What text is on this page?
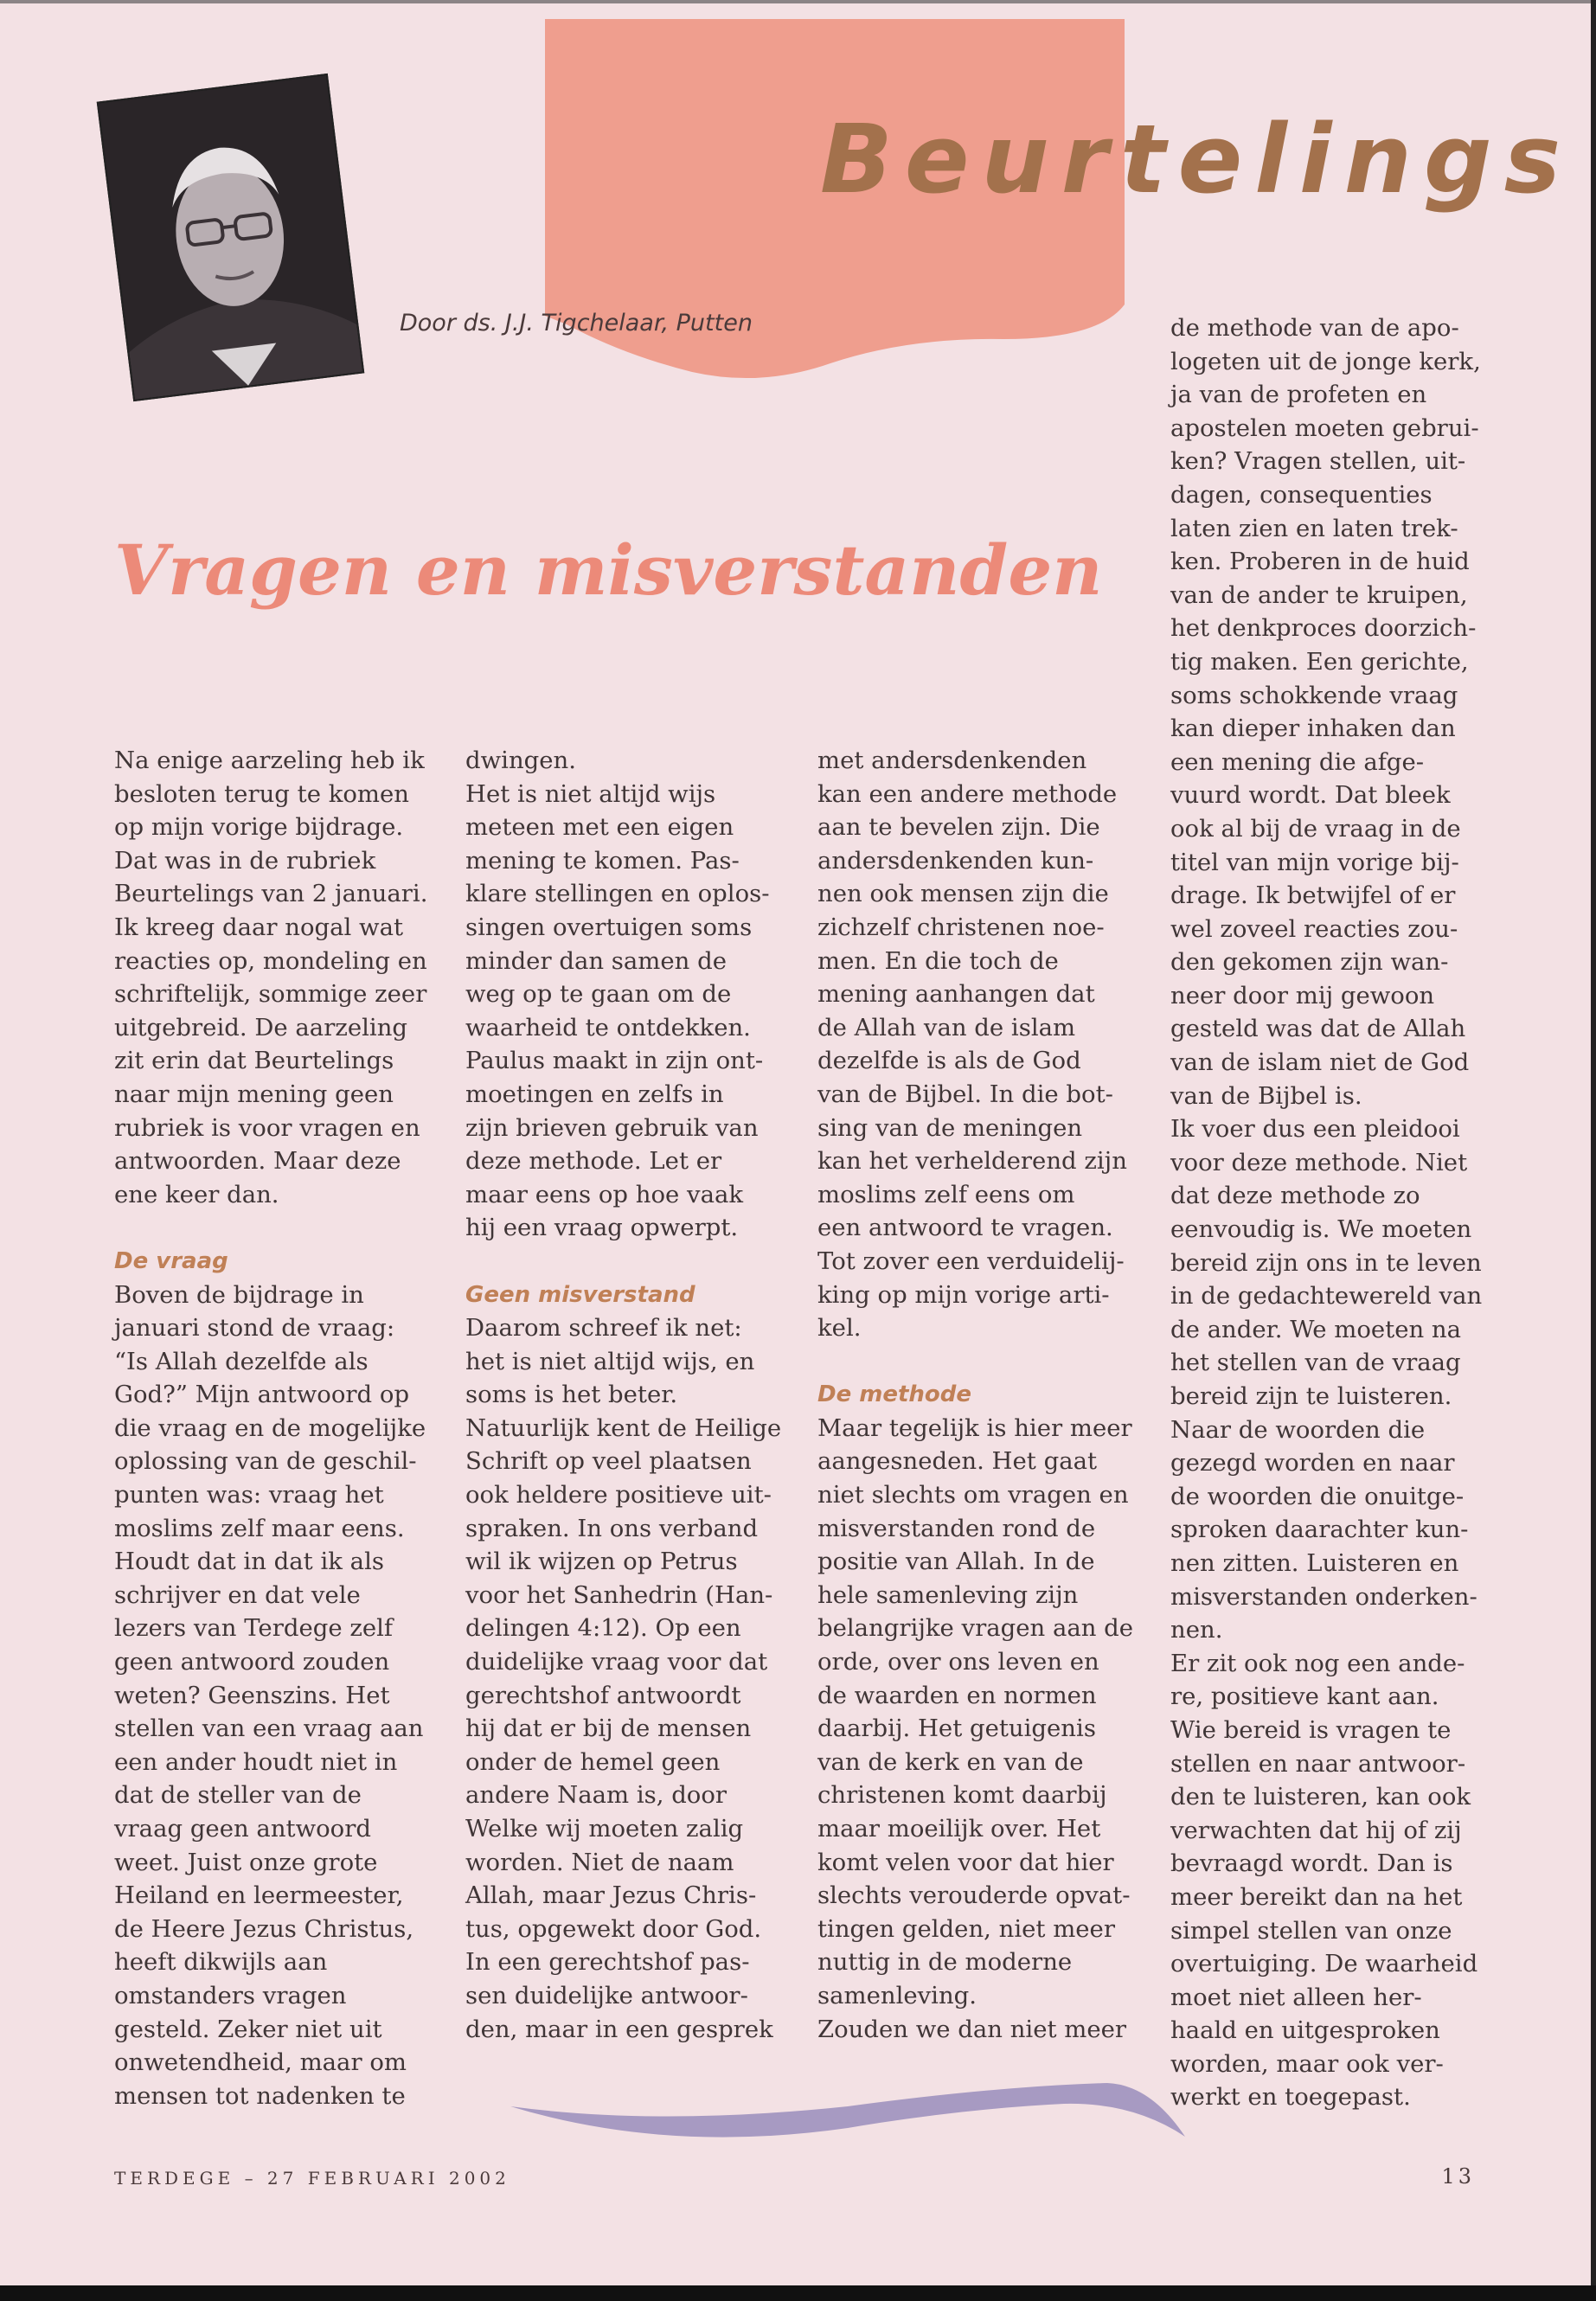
Beurtelings
Door ds. J.J. Tigchelaar, Putten
Vragen en misverstanden
Na enige aarzeling heb ik
besloten terug te komen
op mijn vorige bijdrage.
Dat was in de rubriek
Beurtelings van 2 januari.
Ik kreeg daar nogal wat
reacties op, mondeling en
schriftelijk, sommige zeer
uitgebreid. De aarzeling
zit erin dat Beurtelings
naar mijn mening geen
rubriek is voor vragen en
antwoorden. Maar deze
ene keer dan.
De vraag
Boven de bijdrage in
januari stond de vraag:
“Is Allah dezelfde als
God?” Mijn antwoord op
die vraag en de mogelijke
oplossing van de geschil-
punten was: vraag het
moslims zelf maar eens.
Houdt dat in dat ik als
schrijver en dat vele
lezers van Terdege zelf
geen antwoord zouden
weten? Geenszins. Het
stellen van een vraag aan
een ander houdt niet in
dat de steller van de
vraag geen antwoord
weet. Juist onze grote
Heiland en leermeester,
de Heere Jezus Christus,
heeft dikwijls aan
omstanders vragen
gesteld. Zeker niet uit
onwetendheid, maar om
mensen tot nadenken te
dwingen.
Het is niet altijd wijs
meteen met een eigen
mening te komen. Pas-
klare stellingen en oplos-
singen overtuigen soms
minder dan samen de
weg op te gaan om de
waarheid te ontdekken.
Paulus maakt in zijn ont-
moetingen en zelfs in
zijn brieven gebruik van
deze methode. Let er
maar eens op hoe vaak
hij een vraag opwerpt.
Geen misverstand
Daarom schreef ik net:
het is niet altijd wijs, en
soms is het beter.
Natuurlijk kent de Heilige
Schrift op veel plaatsen
ook heldere positieve uit-
spraken. In ons verband
wil ik wijzen op Petrus
voor het Sanhedrin (Han-
delingen 4:12). Op een
duidelijke vraag voor dat
gerechtshof antwoordt
hij dat er bij de mensen
onder de hemel geen
andere Naam is, door
Welke wij moeten zalig
worden. Niet de naam
Allah, maar Jezus Chris-
tus, opgewekt door God.
In een gerechtshof pas-
sen duidelijke antwoor-
den, maar in een gesprek
met andersdenkenden
kan een andere methode
aan te bevelen zijn. Die
andersdenkenden kun-
nen ook mensen zijn die
zichzelf christenen noe-
men. En die toch de
mening aanhangen dat
de Allah van de islam
dezelfde is als de God
van de Bijbel. In die bot-
sing van de meningen
kan het verhelderend zijn
moslims zelf eens om
een antwoord te vragen.
Tot zover een verduidelij-
king op mijn vorige arti-
kel.
De methode
Maar tegelijk is hier meer
aangesneden. Het gaat
niet slechts om vragen en
misverstanden rond de
positie van Allah. In de
hele samenleving zijn
belangrijke vragen aan de
orde, over ons leven en
de waarden en normen
daarbij. Het getuigenis
van de kerk en van de
christenen komt daarbij
maar moeilijk over. Het
komt velen voor dat hier
slechts verouderde opvat-
tingen gelden, niet meer
nuttig in de moderne
samenleving.
Zouden we dan niet meer
de methode van de apo-
logeten uit de jonge kerk,
ja van de profeten en
apostelen moeten gebrui-
ken? Vragen stellen, uit-
dagen, consequenties
laten zien en laten trek-
ken. Proberen in de huid
van de ander te kruipen,
het denkproces doorzich-
tig maken. Een gerichte,
soms schokkende vraag
kan dieper inhaken dan
een mening die afge-
vuurd wordt. Dat bleek
ook al bij de vraag in de
titel van mijn vorige bij-
drage. Ik betwijfel of er
wel zoveel reacties zou-
den gekomen zijn wan-
neer door mij gewoon
gesteld was dat de Allah
van de islam niet de God
van de Bijbel is.
Ik voer dus een pleidooi
voor deze methode. Niet
dat deze methode zo
eenvoudig is. We moeten
bereid zijn ons in te leven
in de gedachtewereld van
de ander. We moeten na
het stellen van de vraag
bereid zijn te luisteren.
Naar de woorden die
gezegd worden en naar
de woorden die onuitge-
sproken daarachter kun-
nen zitten. Luisteren en
misverstanden onderken-
nen.
Er zit ook nog een ande-
re, positieve kant aan.
Wie bereid is vragen te
stellen en naar antwoor-
den te luisteren, kan ook
verwachten dat hij of zij
bevraagd wordt. Dan is
meer bereikt dan na het
simpel stellen van onze
overtuiging. De waarheid
moet niet alleen her-
haald en uitgesproken
worden, maar ook ver-
werkt en toegepast.
TERDEGE – 27 FEBRUARI 2002	13
